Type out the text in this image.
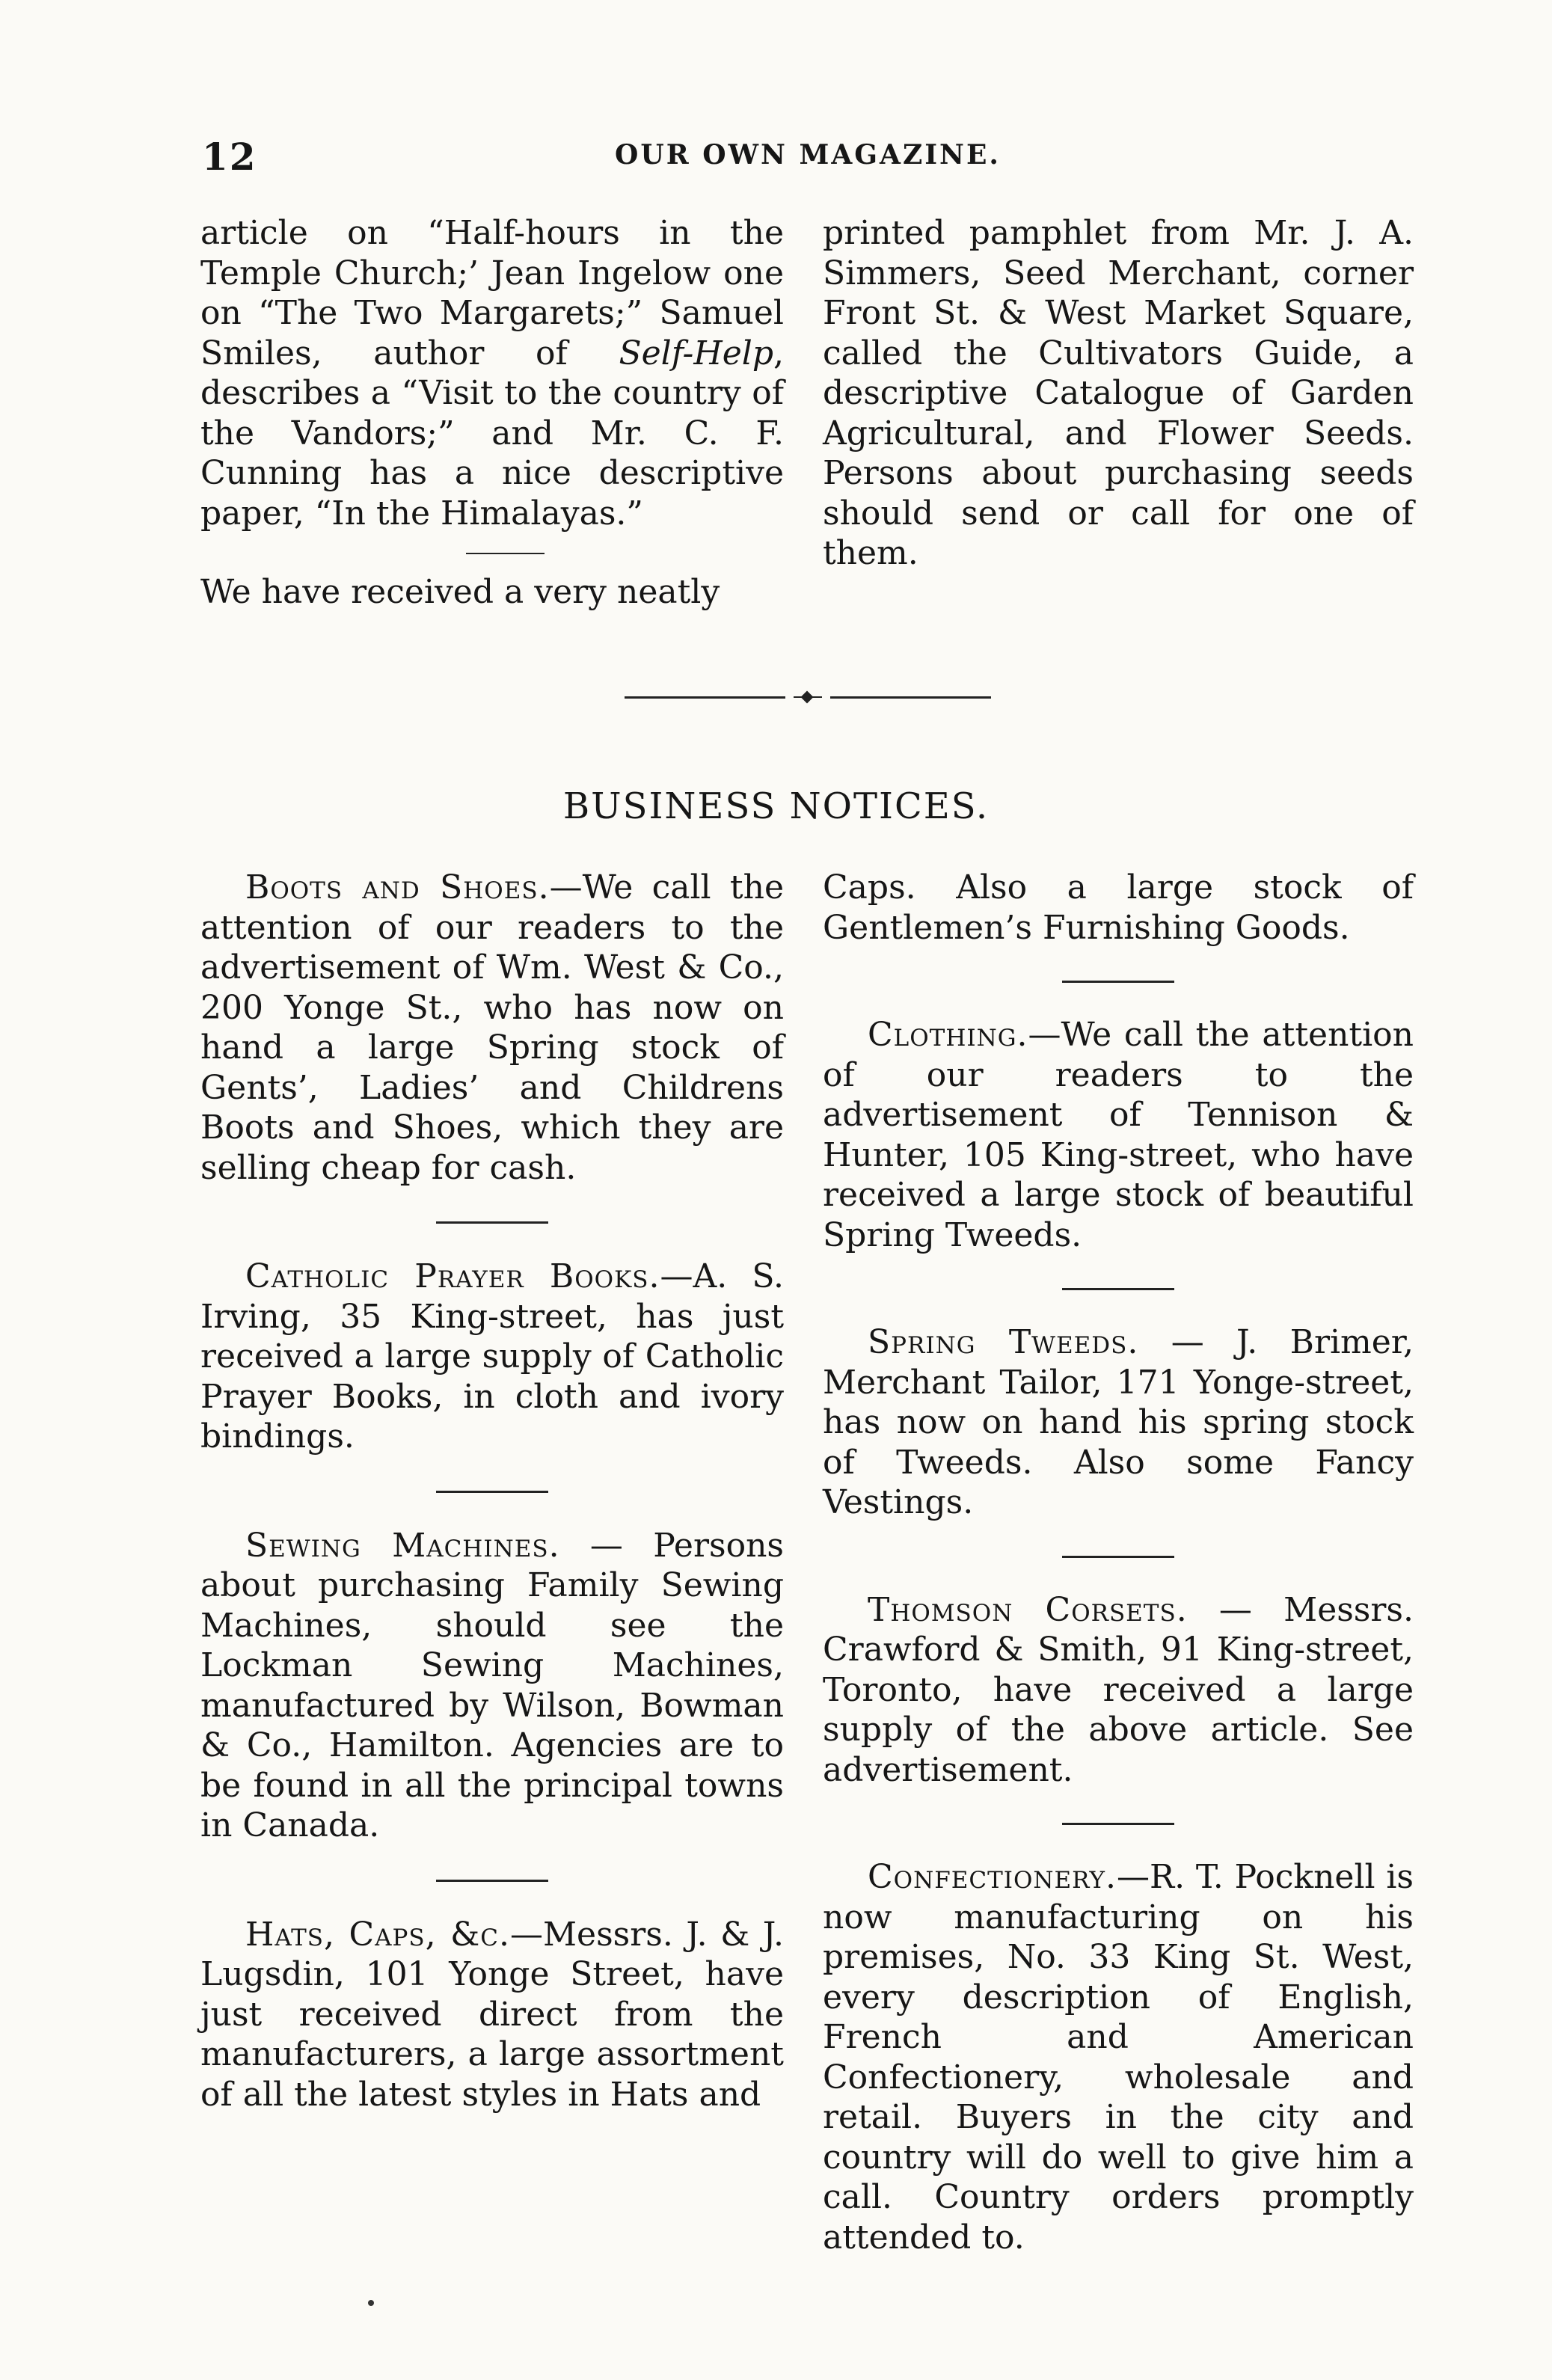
12	OUR OWN MAGAZINE.

article on “Half-hours in the Temple Church;’ Jean Ingelow one on “The Two Margarets;” Samuel Smiles, author of Self-Help, describes a “Visit to the country of the Vandors;” and Mr. C. F. Cunning has a nice descriptive paper, “In the Himalayas.”

We have received a very neatly

printed pamphlet from Mr. J. A. Simmers, Seed Merchant, corner Front St. & West Market Square, called the Cultivators Guide, a descriptive Catalogue of Garden Agricultural, and Flower Seeds. Persons about purchasing seeds should send or call for one of them.

BUSINESS NOTICES.

Boots and Shoes.—We call the attention of our readers to the advertisement of Wm. West & Co., 200 Yonge St., who has now on hand a large Spring stock of Gents’, Ladies’ and Childrens Boots and Shoes, which they are selling cheap for cash.

Catholic Prayer Books.—A. S. Irving, 35 King-street, has just received a large supply of Catholic Prayer Books, in cloth and ivory bindings.

Sewing Machines. — Persons about purchasing Family Sewing Machines, should see the Lockman Sewing Machines, manufactured by Wilson, Bowman & Co., Hamilton. Agencies are to be found in all the principal towns in Canada.

Hats, Caps, &c.—Messrs. J. & J. Lugsdin, 101 Yonge Street, have just received direct from the manufacturers, a large assortment of all the latest styles in Hats and

Caps. Also a large stock of Gentlemen’s Furnishing Goods.

Clothing.—We call the attention of our readers to the advertisement of Tennison & Hunter, 105 King-street, who have received a large stock of beautiful Spring Tweeds.

Spring Tweeds. — J. Brimer, Merchant Tailor, 171 Yonge-street, has now on hand his spring stock of Tweeds. Also some Fancy Vestings.

Thomson Corsets. — Messrs. Crawford & Smith, 91 King-street, Toronto, have received a large supply of the above article. See advertisement.

Confectionery.—R. T. Pocknell is now manufacturing on his premises, No. 33 King St. West, every description of English, French and American Confectionery, wholesale and retail. Buyers in the city and country will do well to give him a call. Country orders promptly attended to.
